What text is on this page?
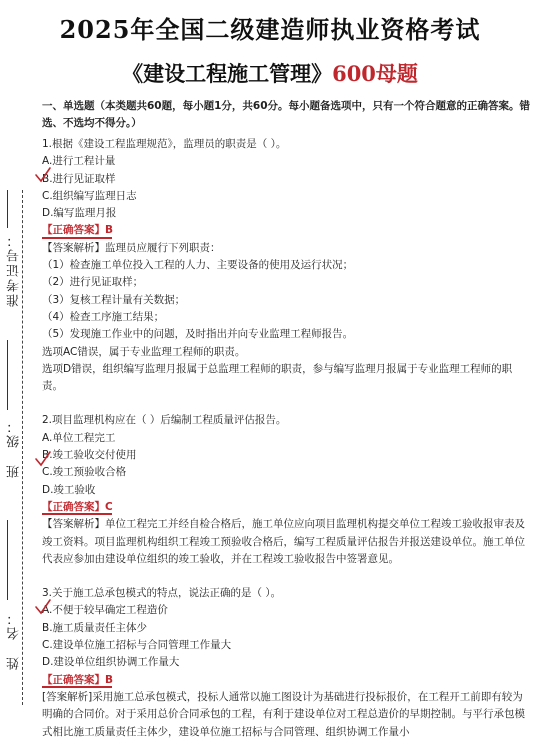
准考证号：
班　级：
姓　名：
2025年全国二级建造师执业资格考试
《建设工程施工管理》600母题

一、单选题（本类题共60题，每小题1分，共60分。每小题备选项中，只有一个符合题意的正确答案。错选、不选均不得分。）

1.根据《建设工程监理规范》，监理员的职责是（ ）。

A.进行工程计量

B.进行见证取样

C.组织编写监理日志

D.编写监理月报

【正确答案】B

【答案解析】监理员应履行下列职责：

（1）检查施工单位投入工程的人力、主要设备的使用及运行状况；

（2）进行见证取样；

（3）复核工程计量有关数据；

（4）检查工序施工结果；

（5）发现施工作业中的问题，及时指出并向专业监理工程师报告。

选项AC错误，属于专业监理工程师的职责。

选项D错误，组织编写监理月报属于总监理工程师的职责，参与编写监理月报属于专业监理工程师的职责。

2.项目监理机构应在（ ）后编制工程质量评估报告。

A.单位工程完工

B.竣工验收交付使用

C.竣工预验收合格

D.竣工验收

【正确答案】C

【答案解析】单位工程完工并经自检合格后，施工单位应向项目监理机构提交单位工程竣工验收报审表及竣工资料。项目监理机构组织工程竣工预验收合格后，编写工程质量评估报告并报送建设单位。施工单位代表应参加由建设单位组织的竣工验收，并在工程竣工验收报告中签署意见。

3.关于施工总承包模式的特点，说法正确的是（ ）。

A.不便于较早确定工程造价

B.施工质量责任主体少

C.建设单位施工招标与合同管理工作量大

D.建设单位组织协调工作量大

【正确答案】B

[答案解析]采用施工总承包模式，投标人通常以施工图设计为基础进行投标报价，在工程开工前即有较为明确的合同价。对于采用总价合同承包的工程，有利于建设单位对工程总造价的早期控制。与平行承包模式相比施工质量责任主体少，建设单位施工招标与合同管理、组织协调工作量小
